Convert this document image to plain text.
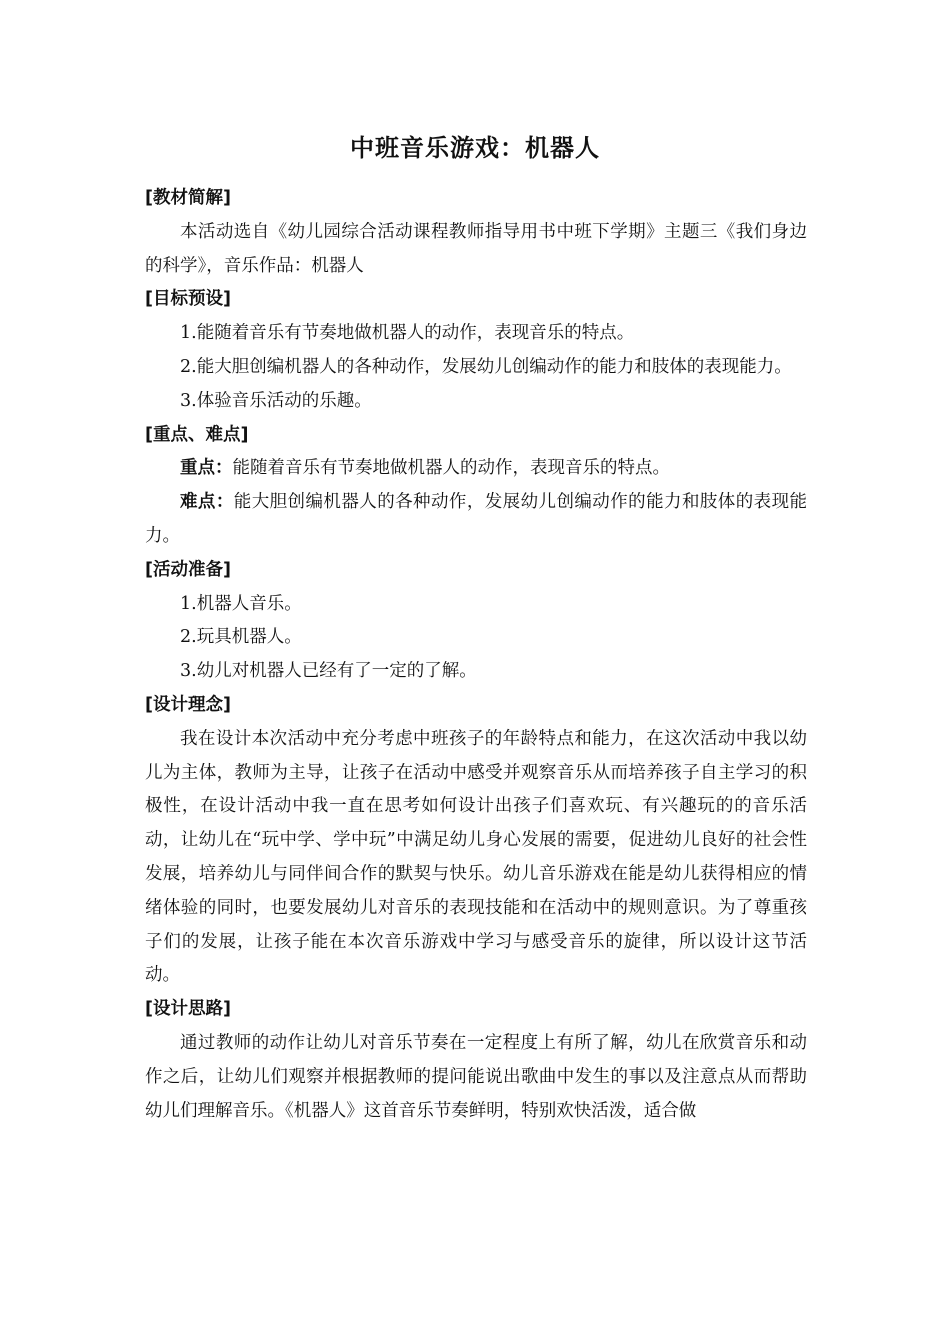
中班音乐游戏：机器人

[教材简解]

本活动选自《幼儿园综合活动课程教师指导用书中班下学期》主题三《我们身边的科学》，音乐作品：机器人

[目标预设]

1.能随着音乐有节奏地做机器人的动作，表现音乐的特点。

2.能大胆创编机器人的各种动作，发展幼儿创编动作的能力和肢体的表现能力。

3.体验音乐活动的乐趣。

[重点、难点]

重点：能随着音乐有节奏地做机器人的动作，表现音乐的特点。

难点：能大胆创编机器人的各种动作，发展幼儿创编动作的能力和肢体的表现能力。

[活动准备]

1.机器人音乐。

2.玩具机器人。

3.幼儿对机器人已经有了一定的了解。

[设计理念]

我在设计本次活动中充分考虑中班孩子的年龄特点和能力，在这次活动中我以幼儿为主体，教师为主导，让孩子在活动中感受并观察音乐从而培养孩子自主学习的积极性，在设计活动中我一直在思考如何设计出孩子们喜欢玩、有兴趣玩的的音乐活动，让幼儿在“玩中学、学中玩”中满足幼儿身心发展的需要，促进幼儿良好的社会性发展，培养幼儿与同伴间合作的默契与快乐。幼儿音乐游戏在能是幼儿获得相应的情绪体验的同时，也要发展幼儿对音乐的表现技能和在活动中的规则意识。为了尊重孩子们的发展，让孩子能在本次音乐游戏中学习与感受音乐的旋律，所以设计这节活动。

[设计思路]

通过教师的动作让幼儿对音乐节奏在一定程度上有所了解，幼儿在欣赏音乐和动作之后，让幼儿们观察并根据教师的提问能说出歌曲中发生的事以及注意点从而帮助幼儿们理解音乐。《机器人》这首音乐节奏鲜明，特别欢快活泼，适合做
